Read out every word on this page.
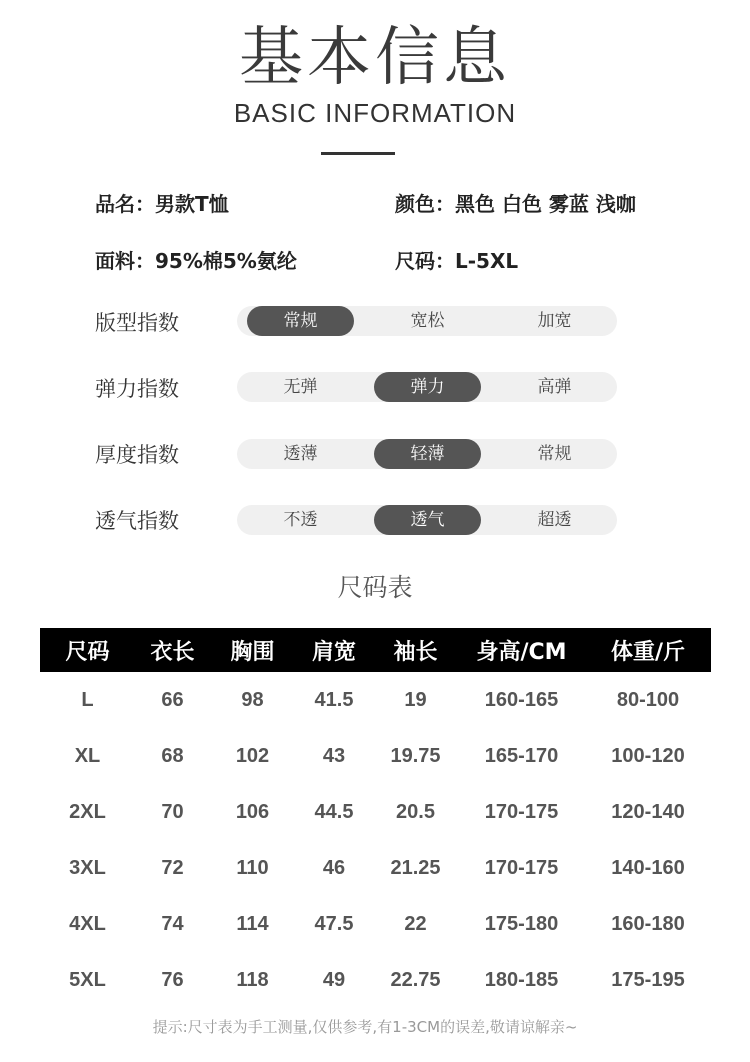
基本信息
BASIC INFORMATION
品名：男款T恤	颜色：黑色 白色 雾蓝 浅咖
面料：95%棉5%氨纶	尺码：L-5XL
版型指数	常规	宽松	加宽
弹力指数	无弹	弹力	高弹
厚度指数	透薄	轻薄	常规
透气指数	不透	透气	超透
尺码表
尺码	衣长	胸围	肩宽	袖长	身高/CM	体重/斤
L	66	98	41.5	19	160-165	80-100
XL	68	102	43	19.75	165-170	100-120
2XL	70	106	44.5	20.5	170-175	120-140
3XL	72	110	46	21.25	170-175	140-160
4XL	74	114	47.5	22	175-180	160-180
5XL	76	118	49	22.75	180-185	175-195
提示:尺寸表为手工测量,仅供参考,有1-3CM的误差,敬请谅解亲~
